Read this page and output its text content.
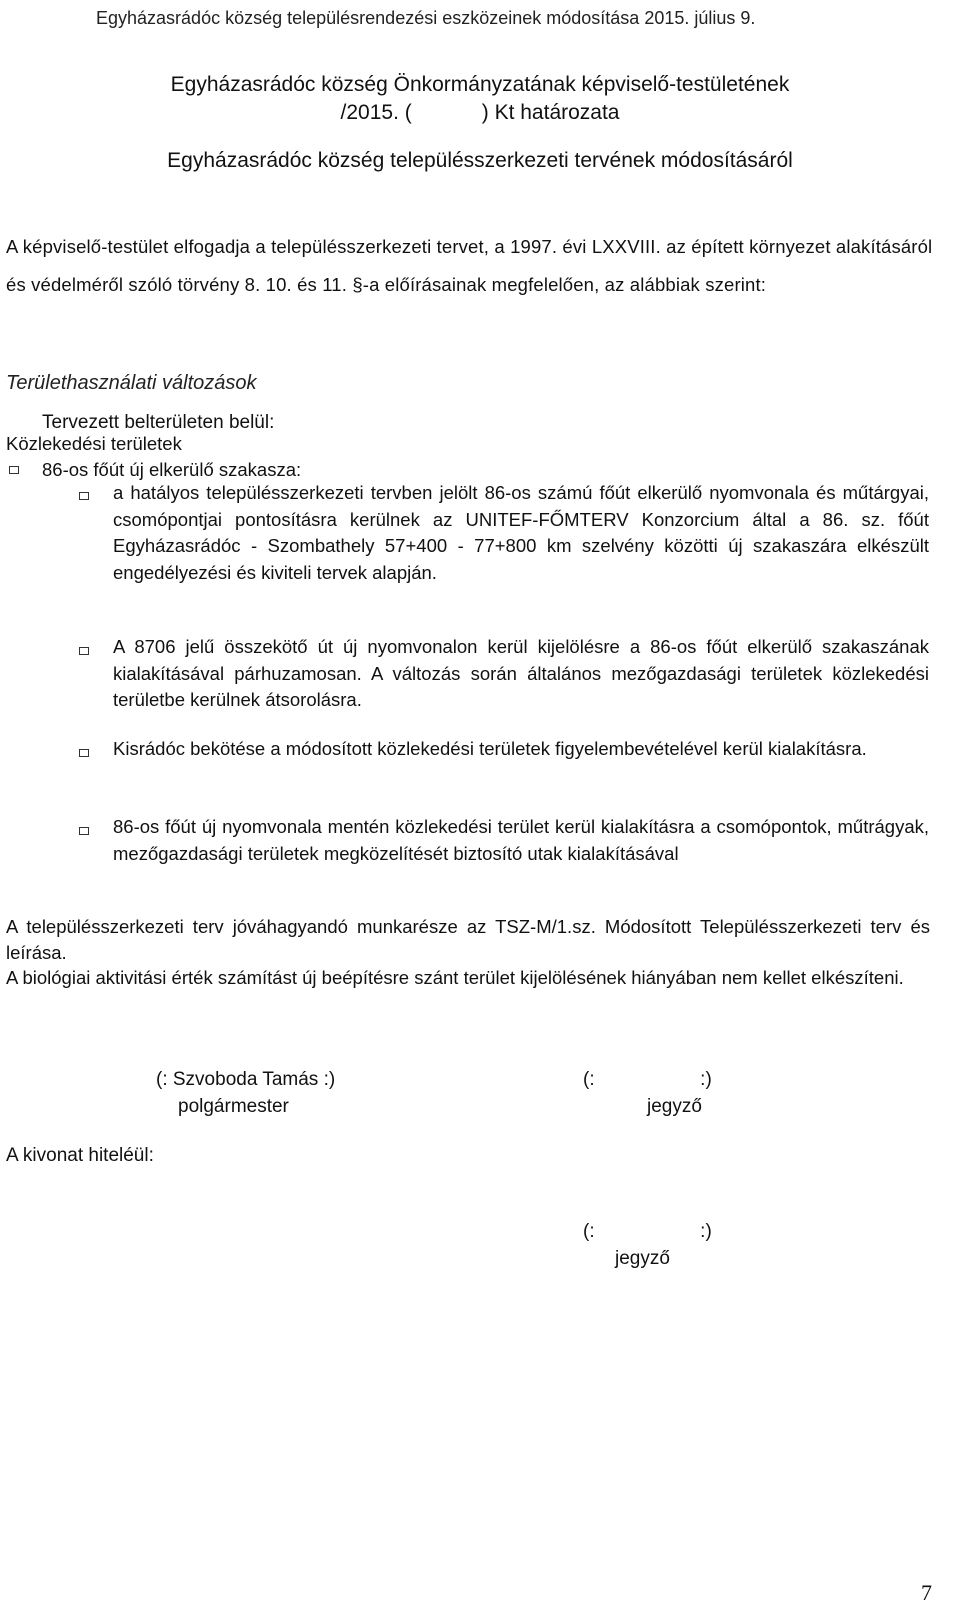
Egyházasrádóc község településrendezési eszközeinek módosítása 2015. július 9.
Egyházasrádóc község Önkormányzatának képviselő-testületének
/2015. (            ) Kt határozata
Egyházasrádóc község településszerkezeti tervének módosításáról
A képviselő-testület elfogadja a településszerkezeti tervet, a 1997. évi LXXVIII. az épített környezet alakításáról és védelméről szóló törvény 8. 10. és 11. §-a előírásainak megfelelően, az alábbiak szerint:
Területhasználati változások
Tervezett belterületen belül:
Közlekedési területek
86-os főút új elkerülő szakasza:
a hatályos településszerkezeti tervben jelölt 86-os számú főút elkerülő nyomvonala és műtárgyai, csomópontjai pontosításra kerülnek az UNITEF-FŐMTERV Konzorcium által a 86. sz. főút Egyházasrádóc - Szombathely 57+400 - 77+800 km szelvény közötti új szakaszára elkészült engedélyezési és kiviteli tervek alapján.
A 8706 jelű összekötő út új nyomvonalon kerül kijelölésre a 86-os főút elkerülő szakaszának kialakításával párhuzamosan. A változás során általános mezőgazdasági területek közlekedési területbe kerülnek átsorolásra.
Kisrádóc bekötése a módosított közlekedési területek figyelembevételével kerül kialakításra.
86-os főút új nyomvonala mentén közlekedési terület kerül kialakításra a csomópontok, műtrágyak, mezőgazdasági területek megközelítését biztosító utak kialakításával
A településszerkezeti terv jóváhagyandó munkarésze az TSZ-M/1.sz. Módosított Településszerkezeti terv és leírása.
A biológiai aktivitási érték számítást új beépítésre szánt terület kijelölésének hiányában nem kellet elkészíteni.
(: Szvoboda Tamás :)
polgármester
(:                    :)
jegyző
A kivonat hiteléül:
(:                    :)
jegyző
7
